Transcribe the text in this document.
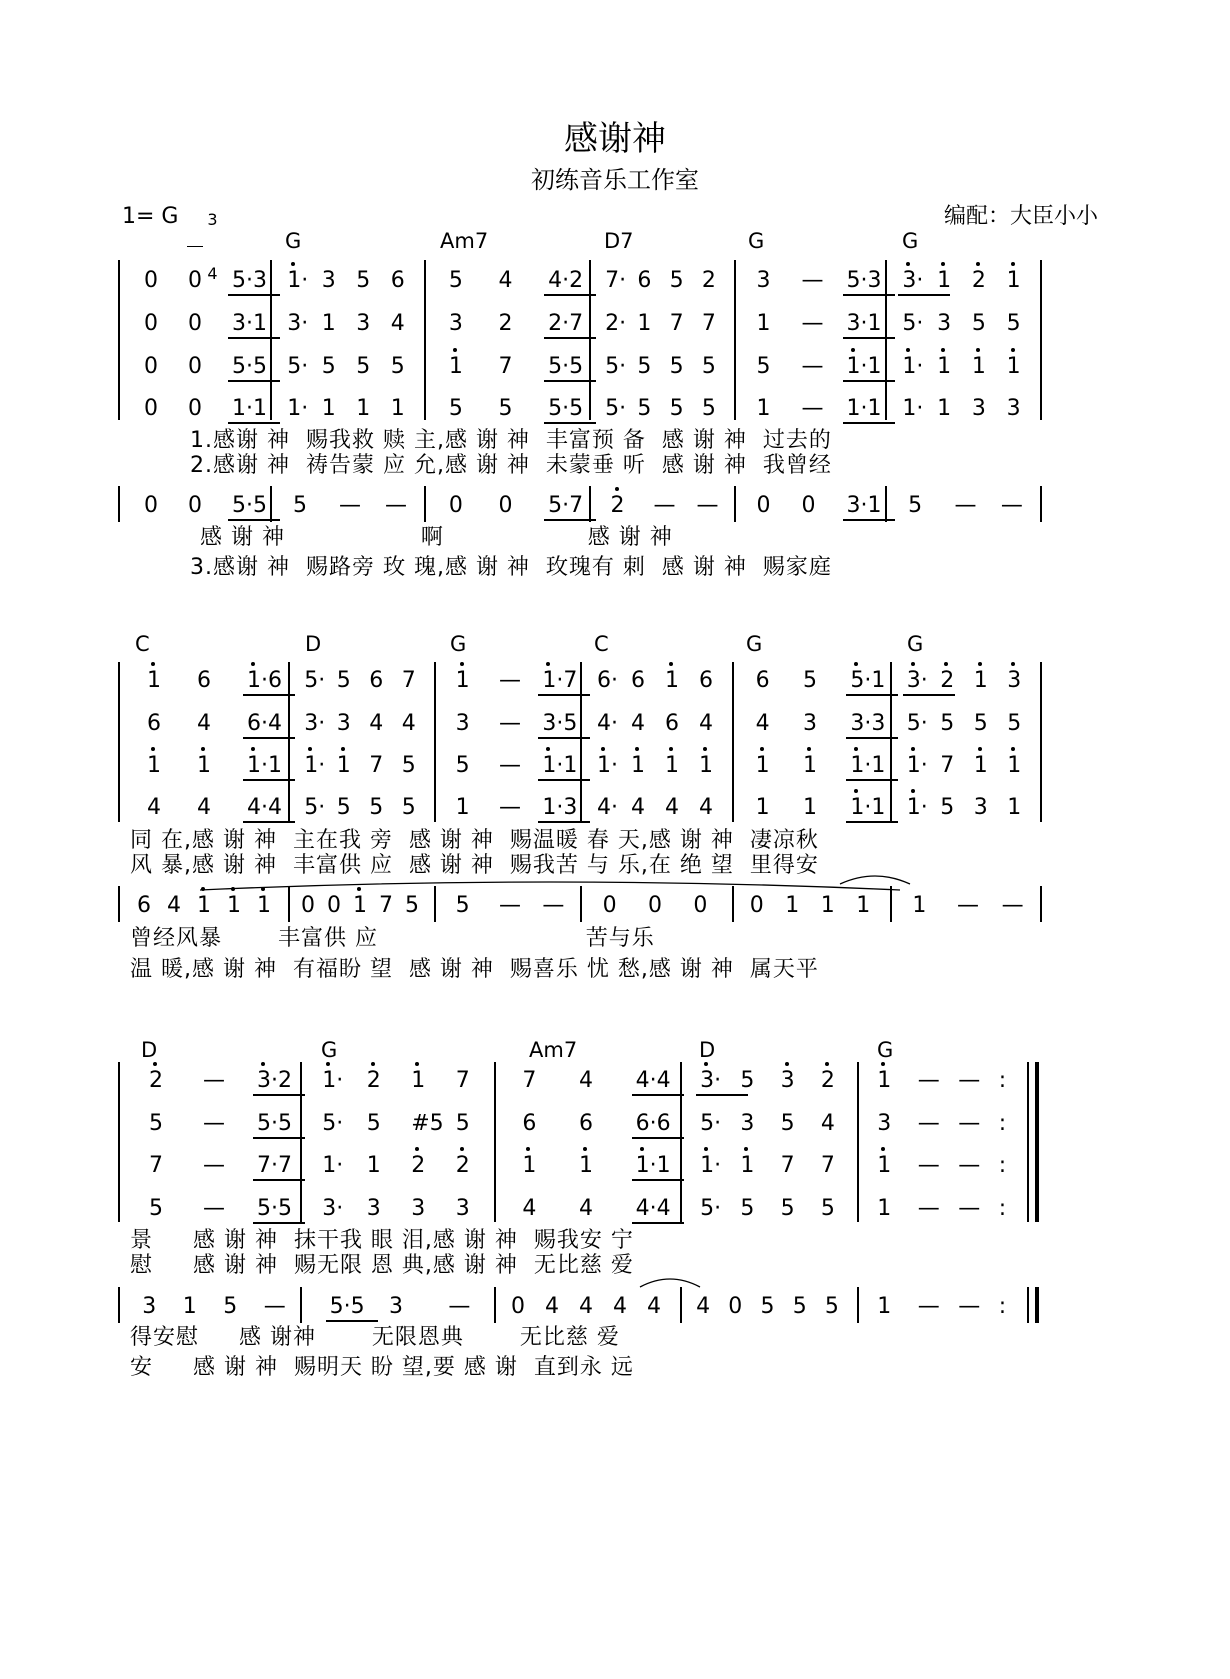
感谢神
初练音乐工作室
1= G	3

4

编配：大臣小小
G	Am7	D7	G	G
0 0 5·3 1· 3 5 6 5 4 4·2 7· 6 5 2 3 — 5·3 3· 1 2 1
0 0 3·1 3· 1 3 4 3 2 2·7 2· 1 7 7 1 — 3·1 5· 3 5 5
0 0 5·5 5· 5 5 5 1 7 5·5 5· 5 5 5 5 — 1·1 1· 1 1 1
0 0 1·1 1· 1 1 1 5 5 5·5 5· 5 5 5 1 — 1·1 1· 1 3 3
1.感谢 神  赐我救 赎 主,感 谢 神  丰富预 备  感 谢 神  过去的
2.感谢 神  祷告蒙 应 允,感 谢 神  未蒙垂 听  感 谢 神  我曾经
0 0 5·5 5 — — 0 0 5·7 2 — — 0 0 3·1 5 — —
感 谢 神                 啊                  感 谢 神
3.感谢 神  赐路旁 玫 瑰,感 谢 神  玫瑰有 刺  感 谢 神  赐家庭
C	D	G	C	G	G
1 6 1·6 5· 5 6 7 1 — 1·7 6· 6 1 6 6 5 5·1 3· 2 1 3
6 4 6·4 3· 3 4 4 3 — 3·5 4· 4 6 4 4 3 3·3 5· 5 5 5
1 1 1·1 1· 1 7 5 5 — 1·1 1· 1 1 1 1 1 1·1 1· 7 1 1
4 4 4·4 5· 5 5 5 1 — 1·3 4· 4 4 4 1 1 1·1 1· 5 3 1
同 在,感 谢 神  主在我 旁  感 谢 神  赐温暖 春 天,感 谢 神  凄凉秋
风 暴,感 谢 神  丰富供 应  感 谢 神  赐我苦 与 乐,在 绝 望  里得安
6 4 1 1 1 0 0 1 7 5 5 — — 0 0 0 0 1 1 1 1 — —
曾经风暴       丰富供 应                          苦与乐
温 暖,感 谢 神  有福盼 望  感 谢 神  赐喜乐 忧 愁,感 谢 神  属天平
D	G	Am7	D	G
2 — 3·2 1· 2 1 7 7 4 4·4 3· 5 3 2 1 — — :
5 — 5·5 5· 5 #5 5 6 6 6·6 5· 3 5 4 3 — — :
7 — 7·7 1· 1 2 2 1 1 1·1 1· 1 7 7 1 — — :
5 — 5·5 3· 3 3 3 4 4 4·4 5· 5 5 5 1 — — :
景     感 谢 神  抹干我 眼 泪,感 谢 神  赐我安 宁
慰     感 谢 神  赐无限 恩 典,感 谢 神  无比慈 爱
3 1 5 — 5·5 3 — 0 4 4 4 4 4 0 5 5 5 1 — — :
得安慰     感 谢神       无限恩典       无比慈 爱
安     感 谢 神  赐明天 盼 望,要 感 谢  直到永 远
